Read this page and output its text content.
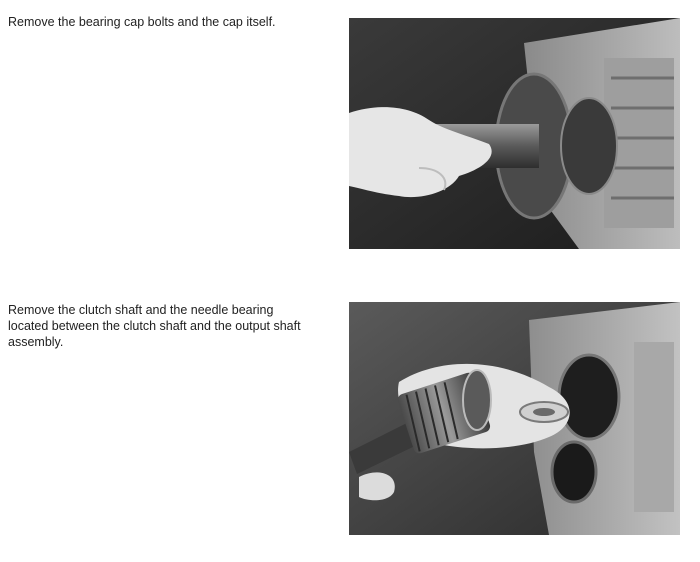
Remove the bearing cap bolts and the cap itself.

Remove the clutch shaft and the needle bearing located between the clutch shaft and the output shaft assembly.
